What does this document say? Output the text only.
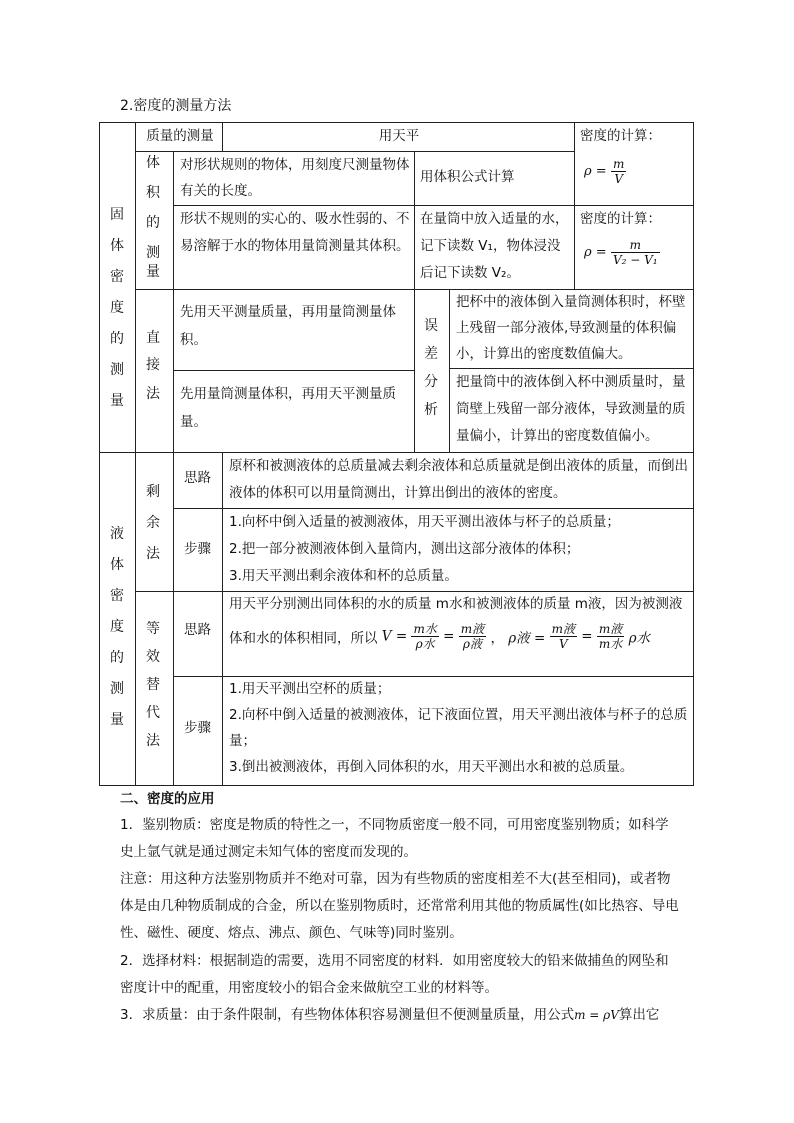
2.密度的测量方法
质量的测量	用天平	密度的计算：
$\rho = \frac{m}{V}$
固
体
密
度
的
测
量
体
积
的
测
量
对形状规则的物体，用刻度尺测量物体有关的长度。
用体积公式计算
形状不规则的实心的、吸水性弱的、不易溶解于水的物体用量筒测量其体积。
在量筒中放入适量的水，记下读数 V₁，物体浸没后记下读数 V₂。
密度的计算：
$\rho = \frac{m}{\text{V₂ − V₁}}$
直
接
法
先用天平测量质量，再用量筒测量体积。
先用量筒测量体积，再用天平测量质量。
误
差
分
析
把杯中的液体倒入量筒测体积时，杯壁上残留一部分液体,导致测量的体积偏小，计算出的密度数值偏大。
把量筒中的液体倒入杯中测质量时，量筒壁上残留一部分液体，导致测量的质量偏小，计算出的密度数值偏小。
液
体
密
度
的
测
量
剩
余
法
思路
原杯和被测液体的总质量减去剩余液体和总质量就是倒出液体的质量，而倒出液体的体积可以用量筒测出，计算出倒出的液体的密度。
步骤
1.向杯中倒入适量的被测液体，用天平测出液体与杯子的总质量；
2.把一部分被测液体倒入量筒内，测出这部分液体的体积；
3.用天平测出剩余液体和杯的总质量。
等
效
替
代
法
思路
用天平分别测出同体积的水的质量 m水和被测液体的质量 m液，因为被测液
体和水的体积相同，所以 $V = \frac{\text{m水}}{\text{ρ水}} = \frac{\text{m液}}{\text{ρ液}}$ ， ρ液 = $\frac{\text{m液}}{V} = \frac{\text{m液}}{\text{m水}}$ ρ水
步骤
1.用天平测出空杯的质量；
2.向杯中倒入适量的被测液体，记下液面位置，用天平测出液体与杯子的总质量；
3.倒出被测液体，再倒入同体积的水，用天平测出水和被的总质量。
二、密度的应用
1．鉴别物质：密度是物质的特性之一，不同物质密度一般不同，可用密度鉴别物质；如科学史上氩气就是通过测定未知气体的密度而发现的。
注意：用这种方法鉴别物质并不绝对可靠，因为有些物质的密度相差不大(甚至相同)，或者物体是由几种物质制成的合金，所以在鉴别物质时，还常常利用其他的物质属性(如比热容、导电性、磁性、硬度、熔点、沸点、颜色、气味等)同时鉴别。
2．选择材料：根据制造的需要，选用不同密度的材料．如用密度较大的铅来做捕鱼的网坠和密度计中的配重，用密度较小的铝合金来做航空工业的材料等。
3．求质量：由于条件限制，有些物体体积容易测量但不便测量质量，用公式m = ρV算出它
